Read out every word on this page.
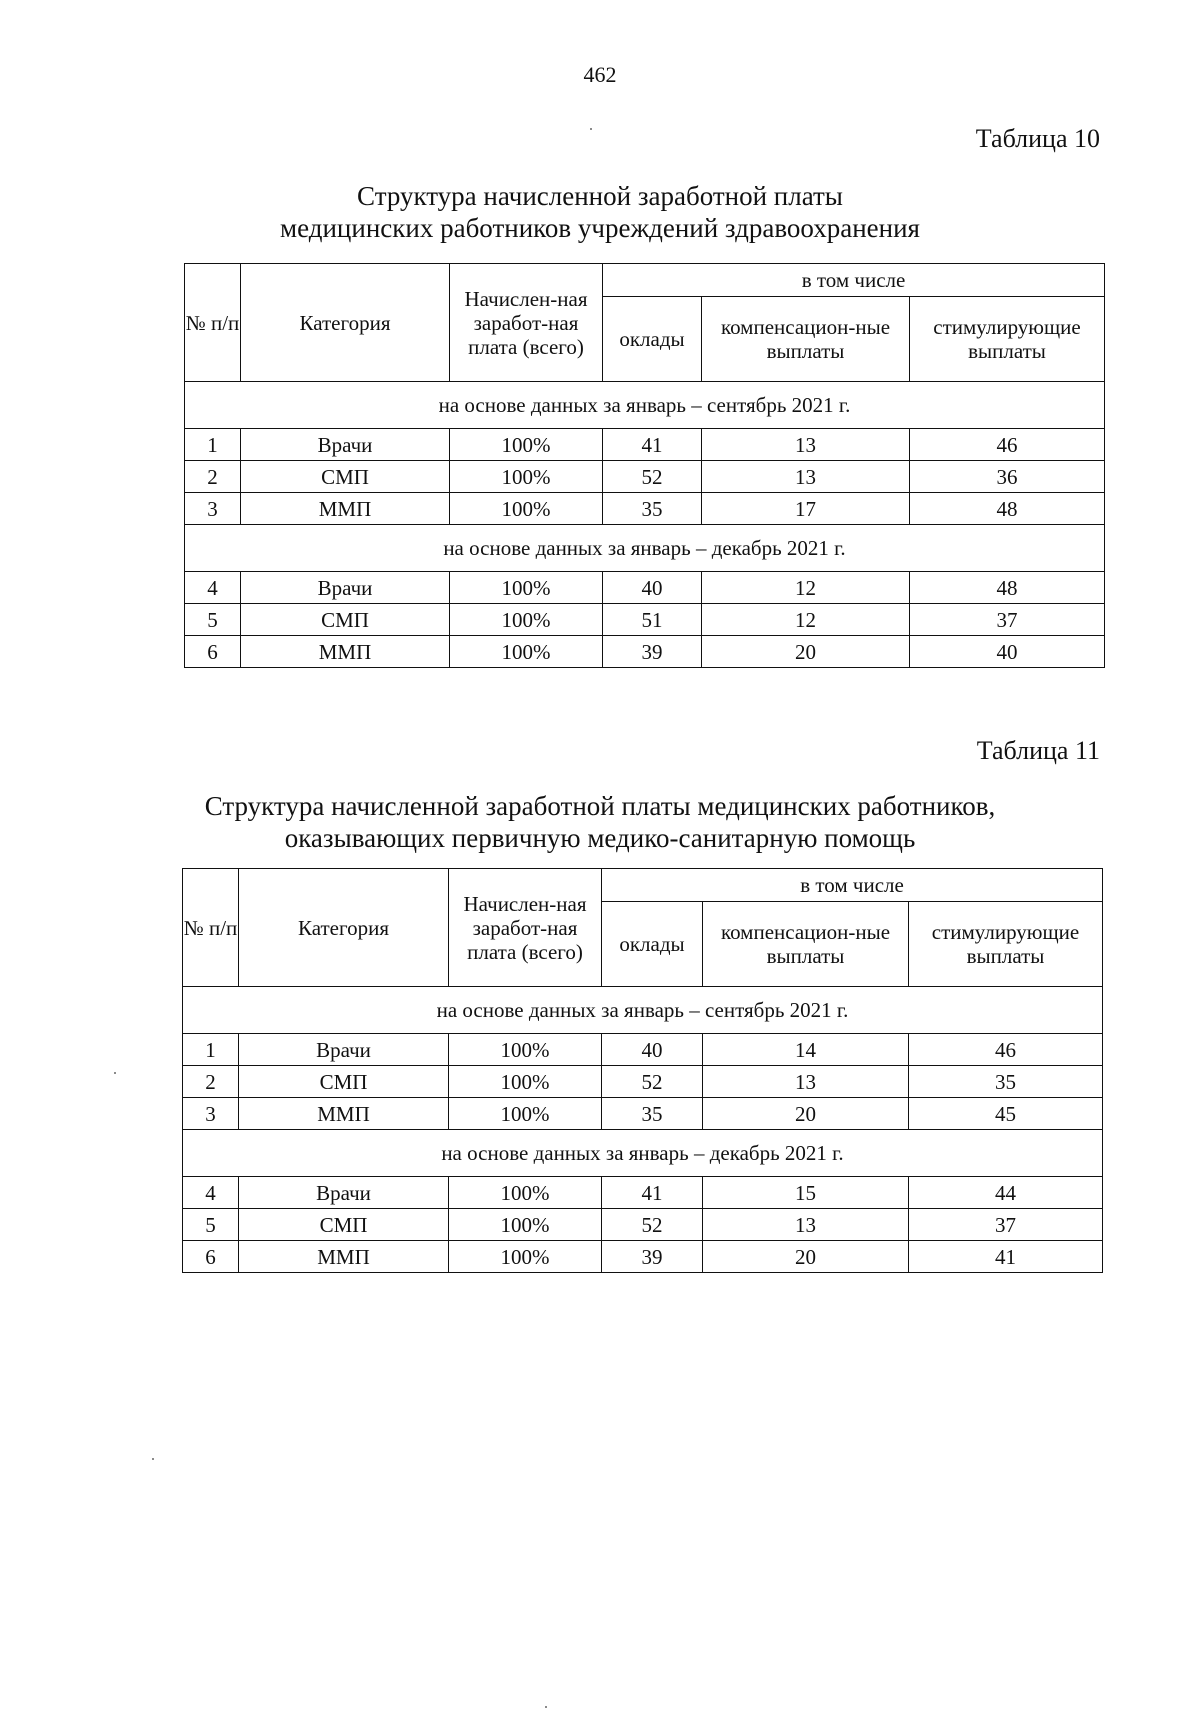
462
Таблица 10
Структура начисленной заработной платы
медицинских работников учреждений здравоохранения
№ п/п	Категория	Начислен-ная заработ-ная плата (всего)	в том числе		
			оклады	компенсацион-ные выплаты	стимулирующие выплаты
на основе данных за январь – сентябрь 2021 г.					
1	Врачи	100%	41	13	46
2	СМП	100%	52	13	36
3	ММП	100%	35	17	48
на основе данных за январь – декабрь 2021 г.					
4	Врачи	100%	40	12	48
5	СМП	100%	51	12	37
6	ММП	100%	39	20	40
Таблица 11
Структура начисленной заработной платы медицинских работников,
оказывающих первичную медико-санитарную помощь
№ п/п	Категория	Начислен-ная заработ-ная плата (всего)	в том числе		
			оклады	компенсацион-ные выплаты	стимулирующие выплаты
на основе данных за январь – сентябрь 2021 г.					
1	Врачи	100%	40	14	46
2	СМП	100%	52	13	35
3	ММП	100%	35	20	45
на основе данных за январь – декабрь 2021 г.					
4	Врачи	100%	41	15	44
5	СМП	100%	52	13	37
6	ММП	100%	39	20	41
